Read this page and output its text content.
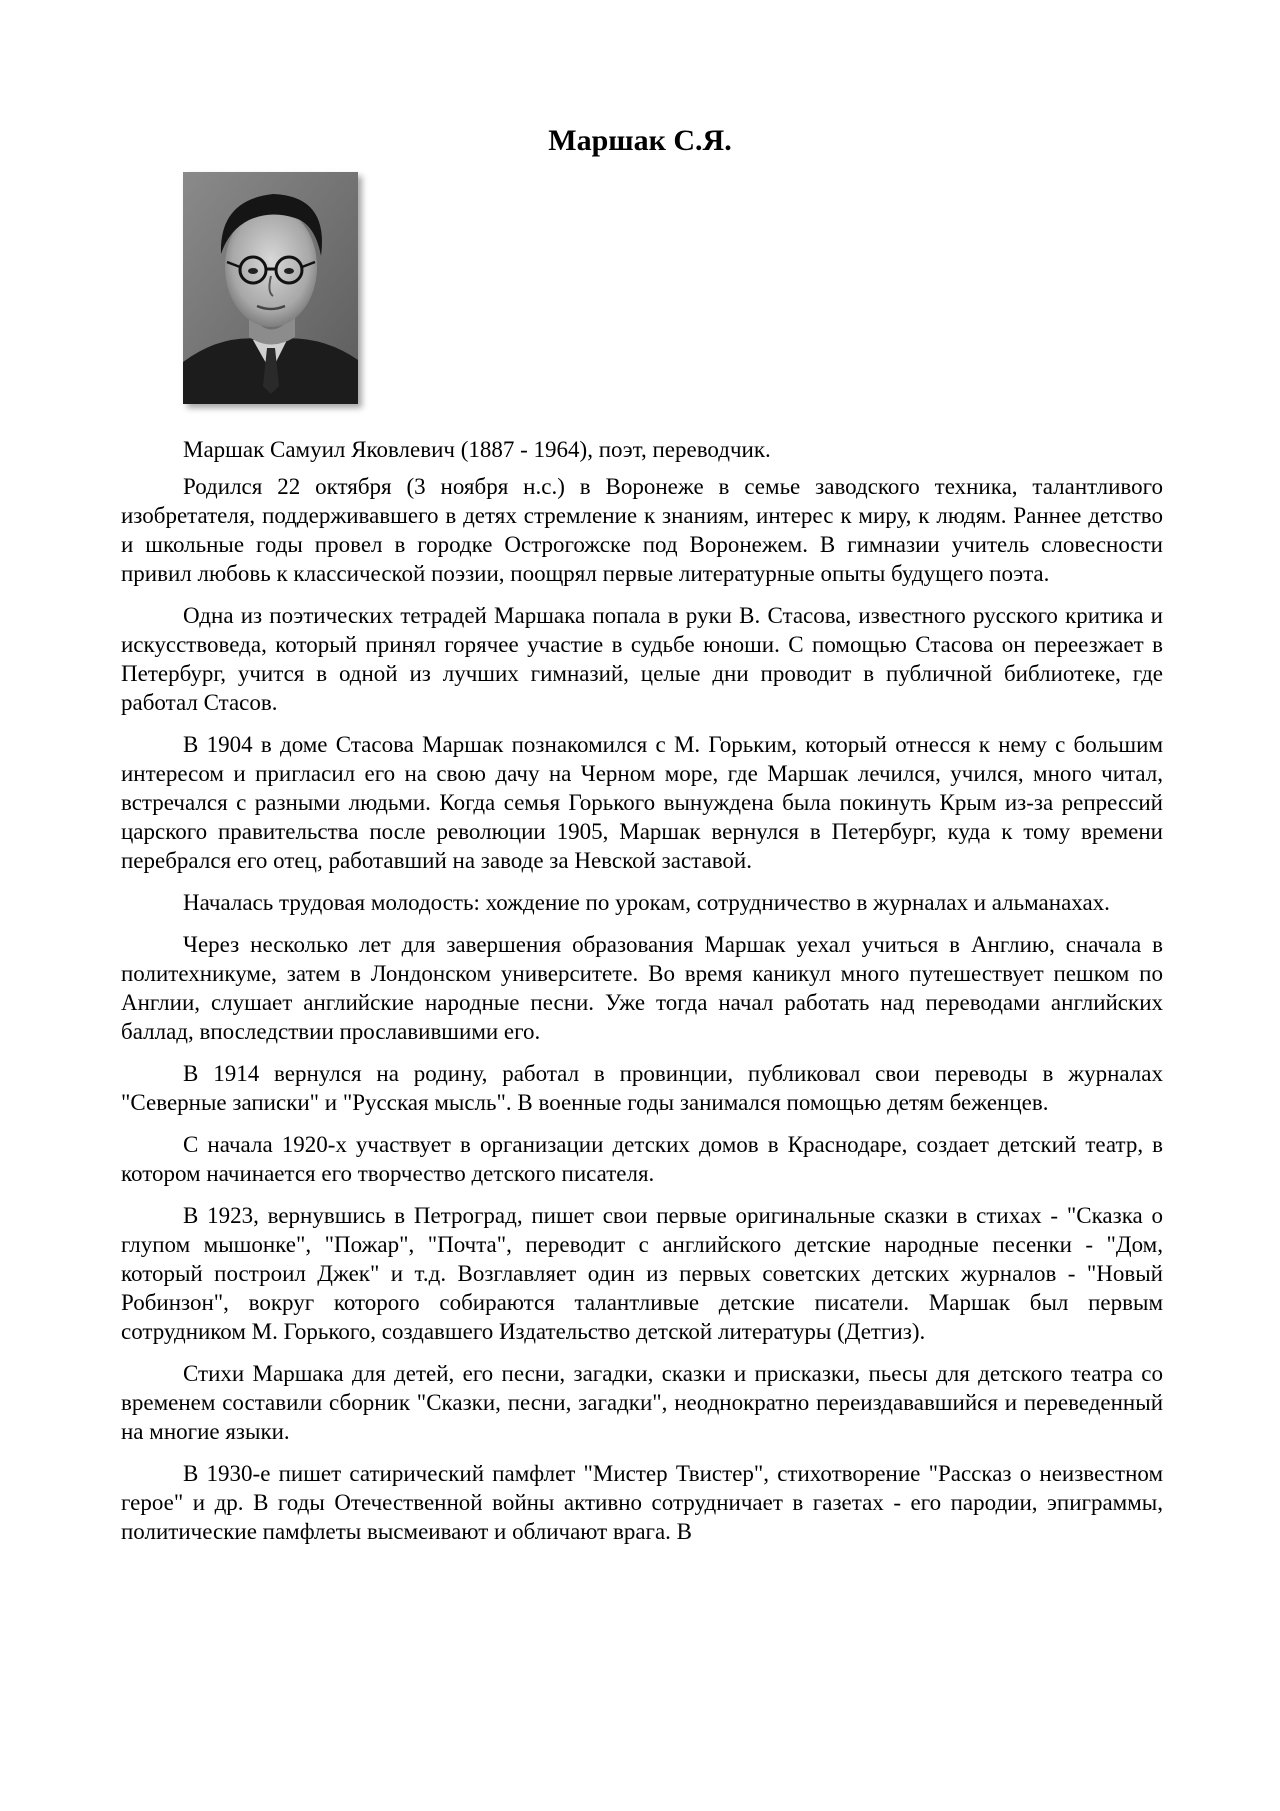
Маршак С.Я.

Маршак Самуил Яковлевич (1887 - 1964), поэт, переводчик.

Родился 22 октября (3 ноября н.с.) в Воронеже в семье заводского техника, талантливого изобретателя, поддерживавшего в детях стремление к знаниям, интерес к миру, к людям. Раннее детство и школьные годы провел в городке Острогожске под Воронежем. В гимназии учитель словесности привил любовь к классической поэзии, поощрял первые литературные опыты будущего поэта.

Одна из поэтических тетрадей Маршака попала в руки В. Стасова, известного русского критика и искусствоведа, который принял горячее участие в судьбе юноши. С помощью Стасова он переезжает в Петербург, учится в одной из лучших гимназий, целые дни проводит в публичной библиотеке, где работал Стасов.

В 1904 в доме Стасова Маршак познакомился с М. Горьким, который отнесся к нему с большим интересом и пригласил его на свою дачу на Черном море, где Маршак лечился, учился, много читал, встречался с разными людьми. Когда семья Горького вынуждена была покинуть Крым из-за репрессий царского правительства после революции 1905, Маршак вернулся в Петербург, куда к тому времени перебрался его отец, работавший на заводе за Невской заставой.

Началась трудовая молодость: хождение по урокам, сотрудничество в журналах и альманахах.

Через несколько лет для завершения образования Маршак уехал учиться в Англию, сначала в политехникуме, затем в Лондонском университете. Во время каникул много путешествует пешком по Англии, слушает английские народные песни. Уже тогда начал работать над переводами английских баллад, впоследствии прославившими его.

В 1914 вернулся на родину, работал в провинции, публиковал свои переводы в журналах "Северные записки" и "Русская мысль". В военные годы занимался помощью детям беженцев.

С начала 1920-х участвует в организации детских домов в Краснодаре, создает детский театр, в котором начинается его творчество детского писателя.

В 1923, вернувшись в Петроград, пишет свои первые оригинальные сказки в стихах - "Сказка о глупом мышонке", "Пожар", "Почта", переводит с английского детские народные песенки - "Дом, который построил Джек" и т.д. Возглавляет один из первых советских детских журналов - "Новый Робинзон", вокруг которого собираются талантливые детские писатели. Маршак был первым сотрудником М. Горького, создавшего Издательство детской литературы (Детгиз).

Стихи Маршака для детей, его песни, загадки, сказки и присказки, пьесы для детского театра со временем составили сборник "Сказки, песни, загадки", неоднократно переиздававшийся и переведенный на многие языки.

В 1930-е пишет сатирический памфлет "Мистер Твистер", стихотворение "Рассказ о неизвестном герое" и др. В годы Отечественной войны активно сотрудничает в газетах - его пародии, эпиграммы, политические памфлеты высмеивают и обличают врага. В
